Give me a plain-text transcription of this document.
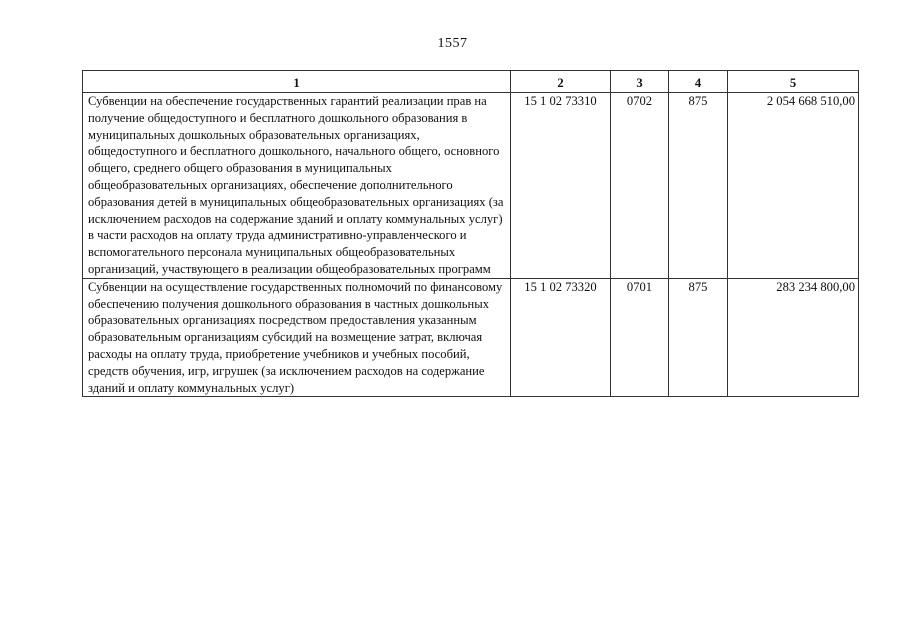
1557
1	2	3	4	5
Субвенции на обеспечение государственных гарантий реализации прав на получение общедоступного и бесплатного дошкольного образования в муниципальных дошкольных образовательных организациях, общедоступного и бесплатного дошкольного, начального общего, основного общего, среднего общего образования в муниципальных общеобразовательных организациях, обеспечение дополнительного образования детей в муниципальных общеобразовательных организациях (за исключением расходов на содержание зданий и оплату коммунальных услуг) в части расходов на оплату труда административно-управленческого и вспомогательного персонала муниципальных общеобразовательных организаций, участвующего в реализации общеобразовательных программ	15 1 02 73310	0702	875	2 054 668 510,00
Субвенции на осуществление государственных полномочий по финансовому обеспечению получения дошкольного образования в частных дошкольных образовательных организациях посредством предоставления указанным образовательным организациям субсидий на возмещение затрат, включая расходы на оплату труда, приобретение учебников и учебных пособий, средств обучения, игр, игрушек (за исключением расходов на содержание зданий и оплату коммунальных услуг)	15 1 02 73320	0701	875	283 234 800,00
